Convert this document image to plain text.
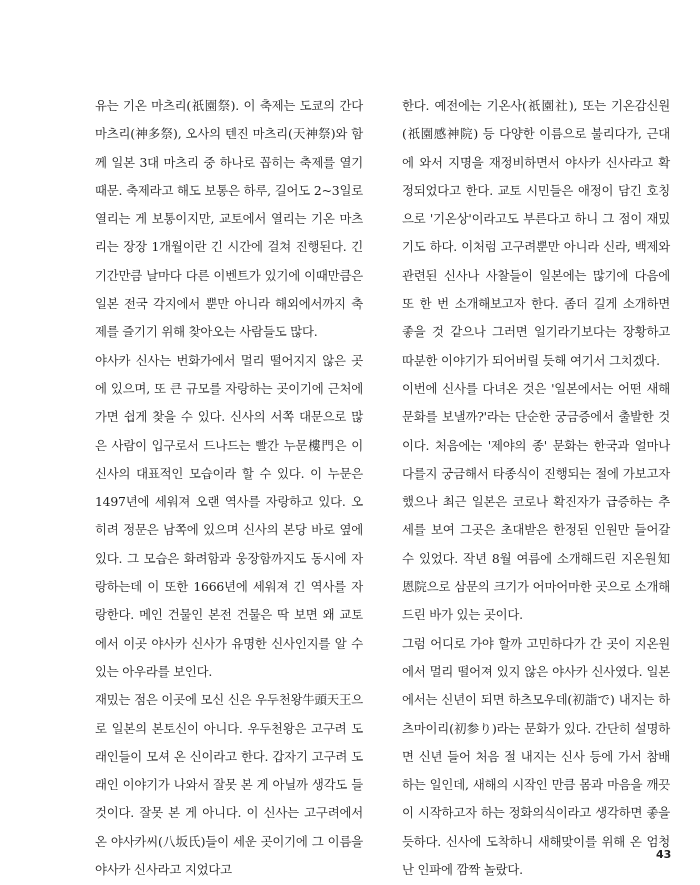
유는 기온 마츠리(祇園祭). 이 축제는 도쿄의 간다 마츠리(神多祭), 오사의 텐진 마츠리(天神祭)와 함께 일본 3대 마츠리 중 하나로 꼽히는 축제를 열기 때문. 축제라고 해도 보통은 하루, 길어도 2~3일로 열리는 게 보통이지만, 교토에서 열리는 기온 마츠리는 장장 1개월이란 긴 시간에 걸쳐 진행된다. 긴 기간만큼 날마다 다른 이벤트가 있기에 이때만큼은 일본 전국 각지에서 뿐만 아니라 해외에서까지 축제를 즐기기 위해 찾아오는 사람들도 많다.

야사카 신사는 번화가에서 멀리 떨어지지 않은 곳에 있으며, 또 큰 규모를 자랑하는 곳이기에 근처에 가면 쉽게 찾을 수 있다. 신사의 서쪽 대문으로 많은 사람이 입구로서 드나드는 빨간 누문樓門은 이 신사의 대표적인 모습이라 할 수 있다. 이 누문은 1497년에 세워져 오랜 역사를 자랑하고 있다. 오히려 정문은 남쪽에 있으며 신사의 본당 바로 옆에 있다. 그 모습은 화려함과 웅장함까지도 동시에 자랑하는데 이 또한 1666년에 세워져 긴 역사를 자랑한다. 메인 건물인 본전 건물은 딱 보면 왜 교토에서 이곳 야사카 신사가 유명한 신사인지를 알 수 있는 아우라를 보인다.

재밌는 점은 이곳에 모신 신은 우두천왕牛頭天王으로 일본의 본토신이 아니다. 우두천왕은 고구려 도래인들이 모셔 온 신이라고 한다. 갑자기 고구려 도래인 이야기가 나와서 잘못 본 게 아닐까 생각도 들 것이다. 잘못 본 게 아니다. 이 신사는 고구려에서 온 야사카씨(八坂氏)들이 세운 곳이기에 그 이름을 야사카 신사라고 지었다고

한다. 예전에는 기온사(祇園社), 또는 기온감신원(祇園感神院) 등 다양한 이름으로 불리다가, 근대에 와서 지명을 재정비하면서 야사카 신사라고 확정되었다고 한다. 교토 시민들은 애정이 담긴 호칭으로 '기온상'이라고도 부른다고 하니 그 점이 재밌기도 하다. 이처럼 고구려뿐만 아니라 신라, 백제와 관련된 신사나 사찰들이 일본에는 많기에 다음에 또 한 번 소개해보고자 한다. 좀더 길게 소개하면 좋을 것 같으나 그러면 일기라기보다는 장황하고 따분한 이야기가 되어버릴 듯해 여기서 그치겠다.

이번에 신사를 다녀온 것은 '일본에서는 어떤 새해 문화를 보낼까?'라는 단순한 궁금증에서 출발한 것이다. 처음에는 '제야의 종' 문화는 한국과 얼마나 다를지 궁금해서 타종식이 진행되는 절에 가보고자 했으나 최근 일본은 코로나 확진자가 급증하는 추세를 보여 그곳은 초대받은 한정된 인원만 들어갈 수 있었다. 작년 8월 여름에 소개해드린 지온원知恩院으로 삼문의 크기가 어마어마한 곳으로 소개해드린 바가 있는 곳이다.

그럼 어디로 가야 할까 고민하다가 간 곳이 지온원에서 멀리 떨어져 있지 않은 야사카 신사였다. 일본에서는 신년이 되면 하츠모우데(初詣で) 내지는 하츠마이리(初参り)라는 문화가 있다. 간단히 설명하면 신년 들어 처음 절 내지는 신사 등에 가서 참배하는 일인데, 새해의 시작인 만큼 몸과 마음을 깨끗이 시작하고자 하는 정화의식이라고 생각하면 좋을 듯하다. 신사에 도착하니 새해맞이를 위해 온 엄청난 인파에 깜짝 놀랐다.

43
